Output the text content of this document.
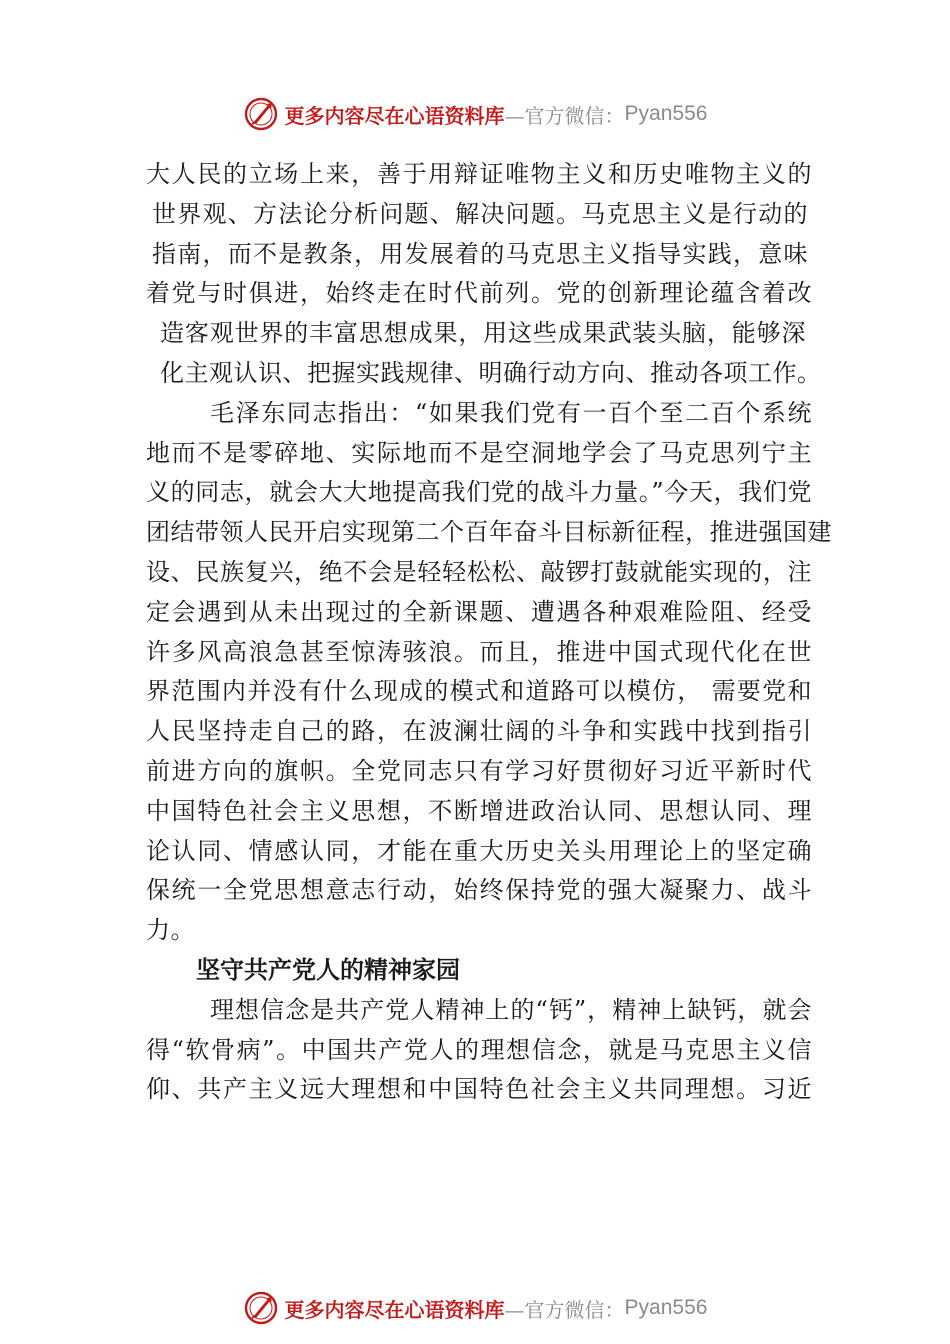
更多内容尽在心语资料库 —官方微信： Pyan556
大人民的立场上来，善于用辩证唯物主义和历史唯物主义的
世界观、方法论分析问题、解决问题。马克思主义是行动的
指南，而不是教条，用发展着的马克思主义指导实践，意味
着党与时俱进，始终走在时代前列。党的创新理论蕴含着改
造客观世界的丰富思想成果，用这些成果武装头脑，能够深
化主观认识、把握实践规律、明确行动方向、推动各项工作。
毛泽东同志指出：“如果我们党有一百个至二百个系统
地而不是零碎地、实际地而不是空洞地学会了马克思列宁主
义的同志，就会大大地提高我们党的战斗力量。”今天，我们党
团结带领人民开启实现第二个百年奋斗目标新征程，推进强国建
设、民族复兴，绝不会是轻轻松松、敲锣打鼓就能实现的，注
定会遇到从未出现过的全新课题、遭遇各种艰难险阻、经受
许多风高浪急甚至惊涛骇浪。而且，推进中国式现代化在世
界范围内并没有什么现成的模式和道路可以模仿， 需要党和
人民坚持走自己的路，在波澜壮阔的斗争和实践中找到指引
前进方向的旗帜。全党同志只有学习好贯彻好习近平新时代
中国特色社会主义思想，不断增进政治认同、思想认同、理
论认同、情感认同，才能在重大历史关头用理论上的坚定确
保统一全党思想意志行动，始终保持党的强大凝聚力、战斗
力。
坚守共产党人的精神家园
理想信念是共产党人精神上的“钙”，精神上缺钙，就会
得“软骨病”。中国共产党人的理想信念，就是马克思主义信
仰、共产主义远大理想和中国特色社会主义共同理想。习近
更多内容尽在心语资料库 —官方微信： Pyan556
